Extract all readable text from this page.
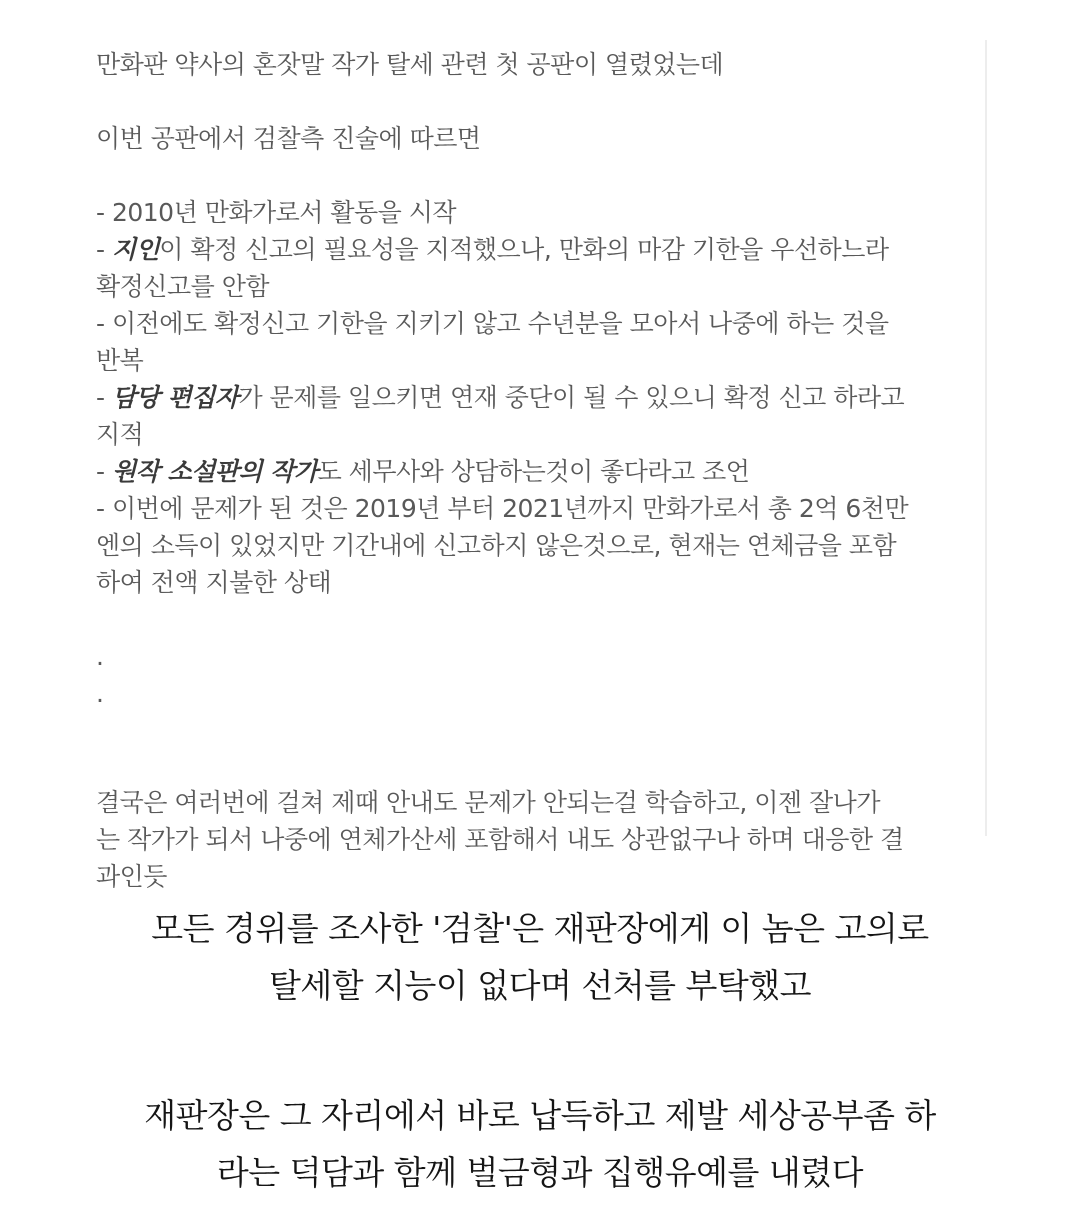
만화판 약사의 혼잣말 작가 탈세 관련 첫 공판이 열렸었는데
이번 공판에서 검찰측 진술에 따르면
- 2010년 만화가로서 활동을 시작
- 지인이 확정 신고의 필요성을 지적했으나, 만화의 마감 기한을 우선하느라
확정신고를 안함
- 이전에도 확정신고 기한을 지키기 않고 수년분을 모아서 나중에 하는 것을
반복
- 담당 편집자가 문제를 일으키면 연재 중단이 될 수 있으니 확정 신고 하라고
지적
- 원작 소설판의 작가도 세무사와 상담하는것이 좋다라고 조언
- 이번에 문제가 된 것은 2019년 부터 2021년까지 만화가로서 총 2억 6천만
엔의 소득이 있었지만 기간내에 신고하지 않은것으로, 현재는 연체금을 포함
하여 전액 지불한 상태
.
.
결국은 여러번에 걸쳐 제때 안내도 문제가 안되는걸 학습하고, 이젠 잘나가
는 작가가 되서 나중에 연체가산세 포함해서 내도 상관없구나 하며 대응한 결
과인듯
모든 경위를 조사한 '검찰'은 재판장에게 이 놈은 고의로
탈세할 지능이 없다며 선처를 부탁했고
재판장은 그 자리에서 바로 납득하고 제발 세상공부좀 하
라는 덕담과 함께 벌금형과 집행유예를 내렸다
